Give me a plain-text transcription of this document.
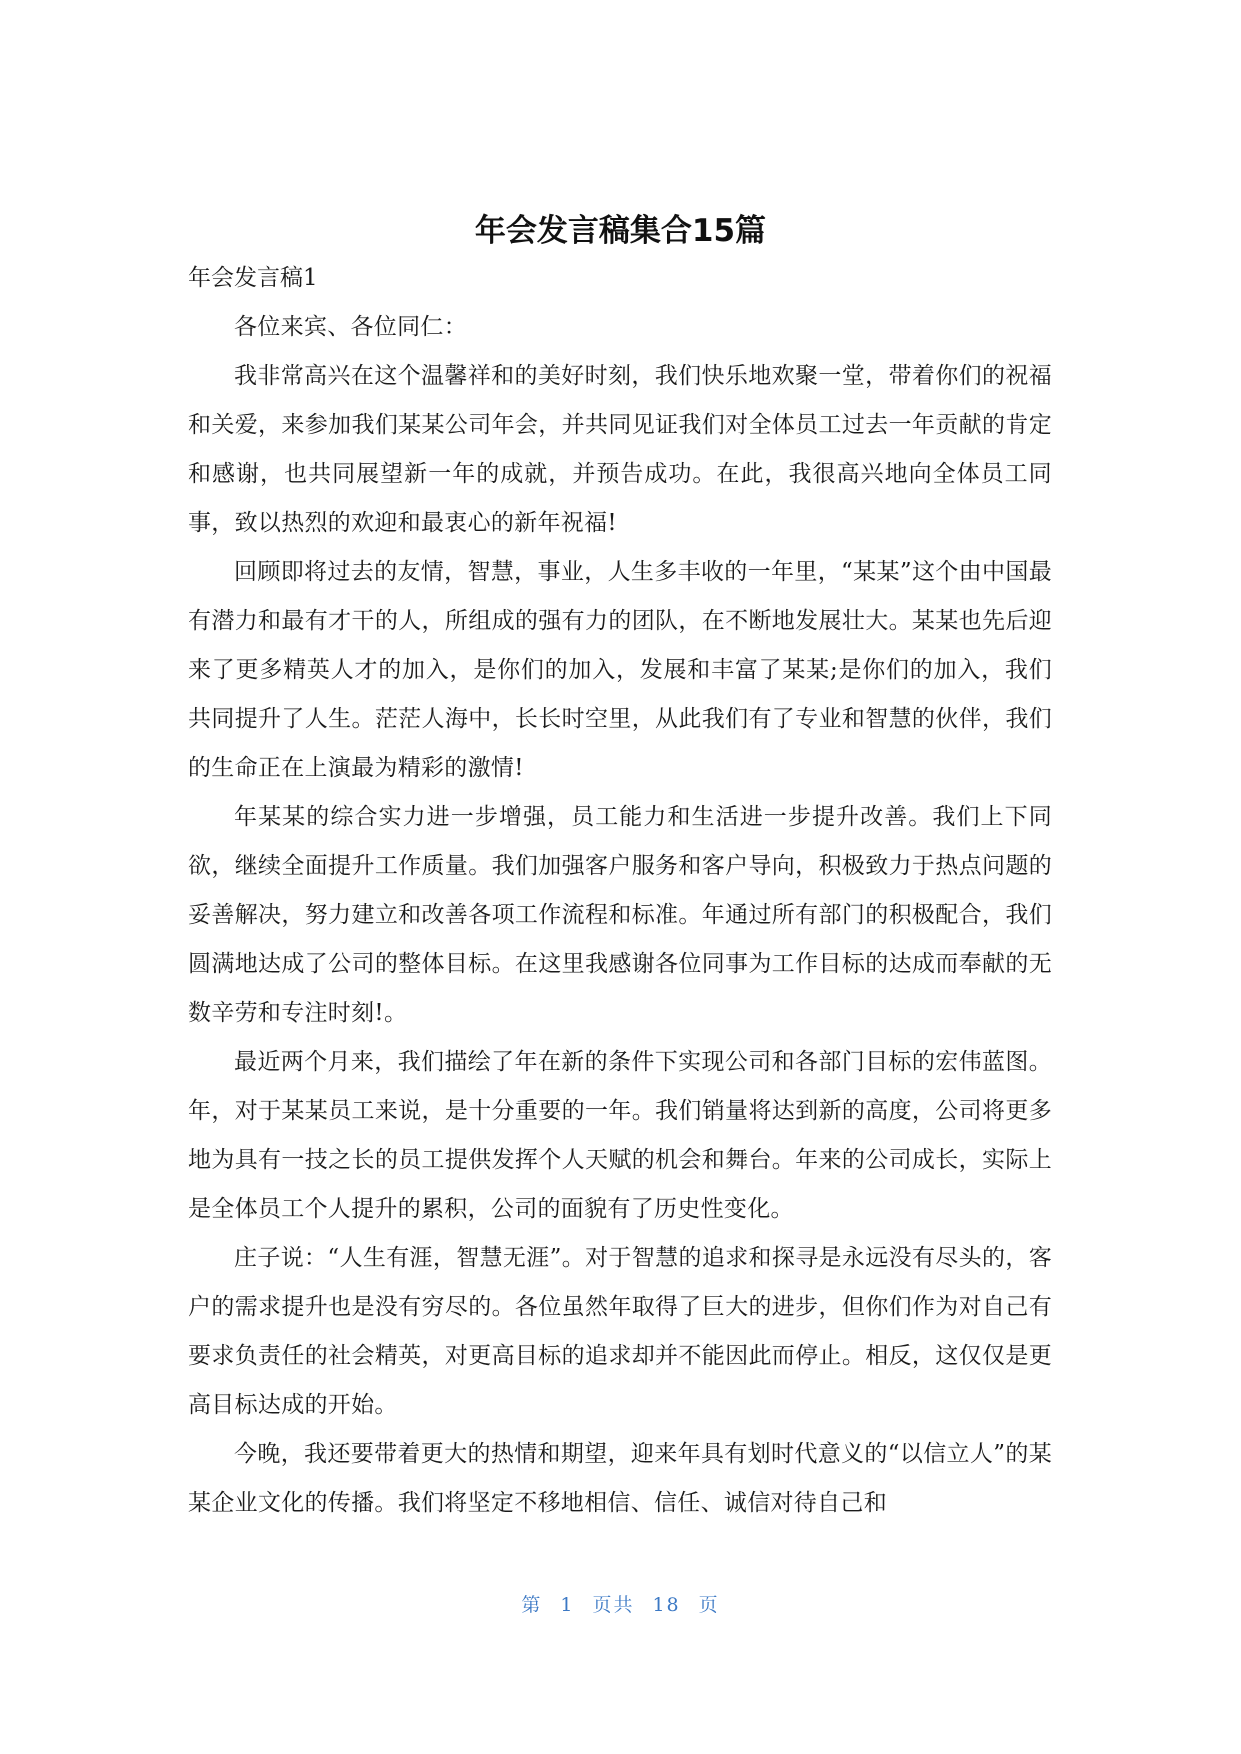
年会发言稿集合15篇

年会发言稿1

各位来宾、各位同仁：

我非常高兴在这个温馨祥和的美好时刻，我们快乐地欢聚一堂，带着你们的祝福和关爱，来参加我们某某公司年会，并共同见证我们对全体员工过去一年贡献的肯定和感谢，也共同展望新一年的成就，并预告成功。在此，我很高兴地向全体员工同事，致以热烈的欢迎和最衷心的新年祝福!

回顾即将过去的友情，智慧，事业，人生多丰收的一年里，“某某”这个由中国最有潜力和最有才干的人，所组成的强有力的团队，在不断地发展壮大。某某也先后迎来了更多精英人才的加入，是你们的加入，发展和丰富了某某;是你们的加入，我们共同提升了人生。茫茫人海中，长长时空里，从此我们有了专业和智慧的伙伴，我们的生命正在上演最为精彩的激情!

年某某的综合实力进一步增强，员工能力和生活进一步提升改善。我们上下同欲，继续全面提升工作质量。我们加强客户服务和客户导向，积极致力于热点问题的妥善解决，努力建立和改善各项工作流程和标准。年通过所有部门的积极配合，我们圆满地达成了公司的整体目标。在这里我感谢各位同事为工作目标的达成而奉献的无数辛劳和专注时刻!。

最近两个月来，我们描绘了年在新的条件下实现公司和各部门目标的宏伟蓝图。年，对于某某员工来说，是十分重要的一年。我们销量将达到新的高度，公司将更多地为具有一技之长的员工提供发挥个人天赋的机会和舞台。年来的公司成长，实际上是全体员工个人提升的累积，公司的面貌有了历史性变化。

庄子说：“人生有涯，智慧无涯”。对于智慧的追求和探寻是永远没有尽头的，客户的需求提升也是没有穷尽的。各位虽然年取得了巨大的进步，但你们作为对自己有要求负责任的社会精英，对更高目标的追求却并不能因此而停止。相反，这仅仅是更高目标达成的开始。

今晚，我还要带着更大的热情和期望，迎来年具有划时代意义的“以信立人”的某某企业文化的传播。我们将坚定不移地相信、信任、诚信对待自己和

第 1 页共 18 页
